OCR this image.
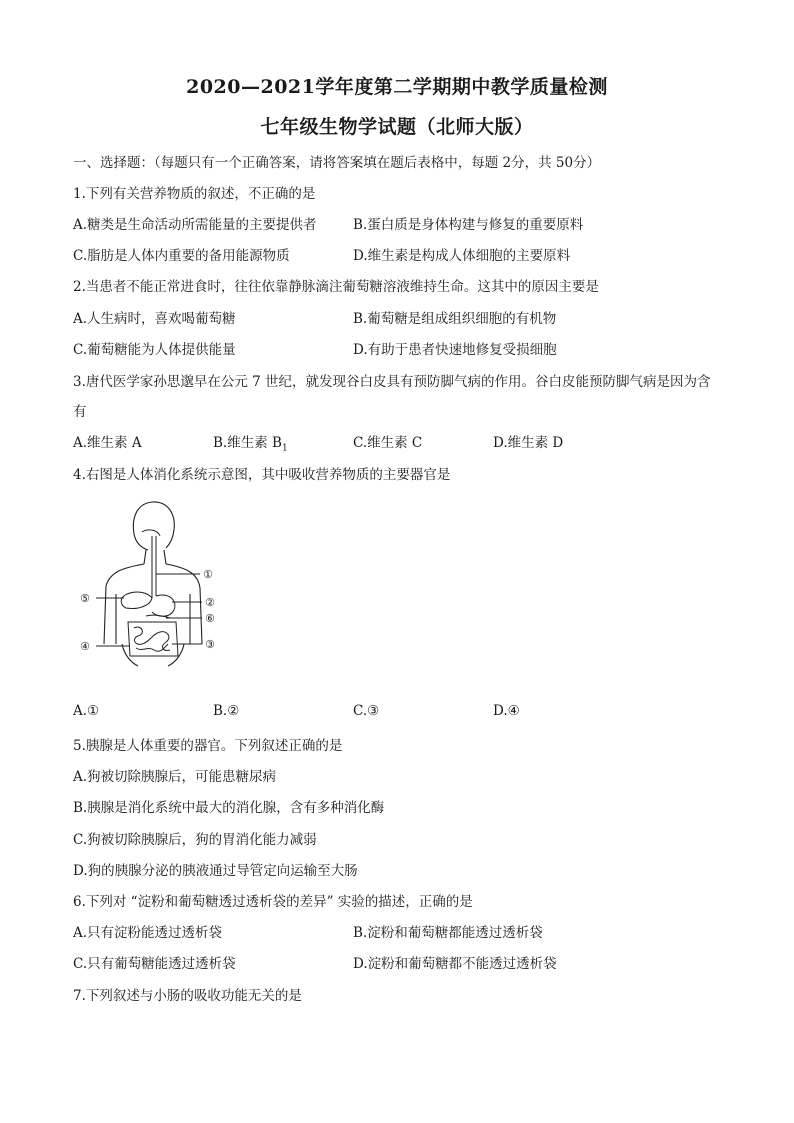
2020—2021学年度第二学期期中教学质量检测
七年级生物学试题（北师大版）
一、选择题：（每题只有一个正确答案，请将答案填在题后表格中，每题 2分，共 50分）
1.下列有关营养物质的叙述，不正确的是
A.糖类是生命活动所需能量的主要提供者	B.蛋白质是身体构建与修复的重要原料
C.脂肪是人体内重要的备用能源物质	D.维生素是构成人体细胞的主要原料
2.当患者不能正常进食时，往往依靠静脉滴注葡萄糖溶液维持生命。这其中的原因主要是
A.人生病时，喜欢喝葡萄糖	B.葡萄糖是组成组织细胞的有机物
C.葡萄糖能为人体提供能量	D.有助于患者快速地修复受损细胞
3.唐代医学家孙思邈早在公元 7 世纪，就发现谷白皮具有预防脚气病的作用。谷白皮能预防脚气病是因为含
有
A.维生素 A	B.维生素 $B_1$	C.维生素 C	D.维生素 D
4.右图是人体消化系统示意图，其中吸收营养物质的主要器官是
①
②
③
④
⑤
⑥
A.①	B.②	C.③	D.④
5.胰腺是人体重要的器官。下列叙述正确的是
A.狗被切除胰腺后，可能患糖尿病
B.胰腺是消化系统中最大的消化腺，含有多种消化酶
C.狗被切除胰腺后，狗的胃消化能力减弱
D.狗的胰腺分泌的胰液通过导管定向运输至大肠
6.下列对 “淀粉和葡萄糖透过透析袋的差异” 实验的描述，正确的是
A.只有淀粉能透过透析袋	B.淀粉和葡萄糖都能透过透析袋
C.只有葡萄糖能透过透析袋	D.淀粉和葡萄糖都不能透过透析袋
7.下列叙述与小肠的吸收功能无关的是
